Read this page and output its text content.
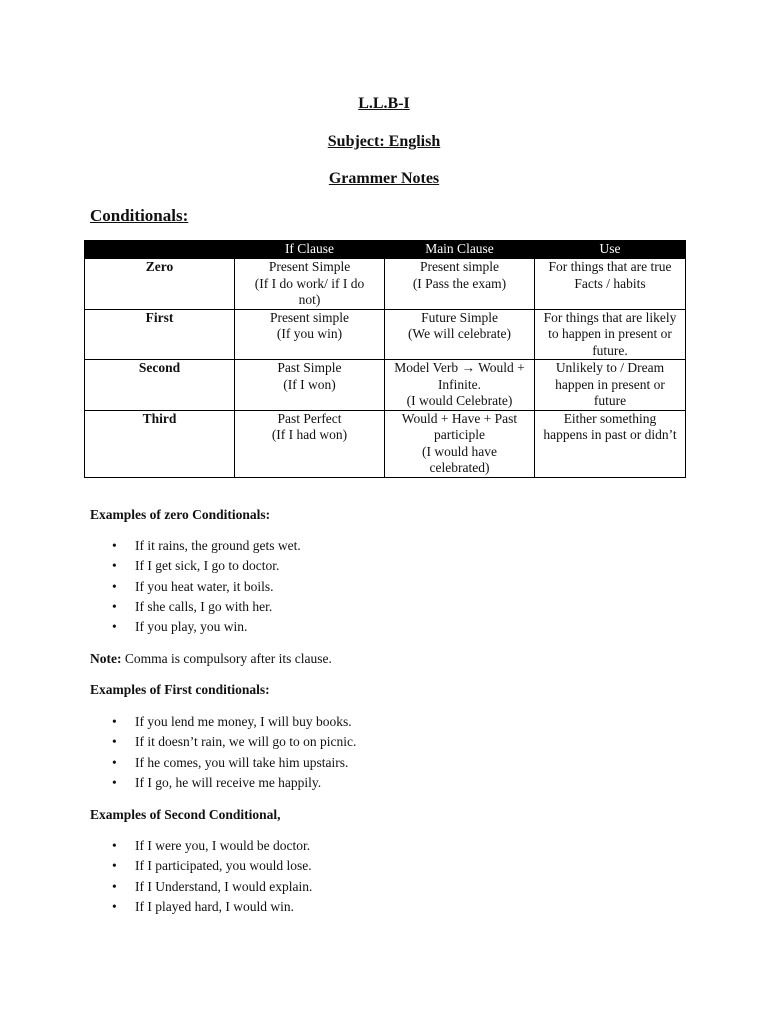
L.L.B-I
Subject: English
Grammer Notes
Conditionals:
	If Clause	Main Clause	Use
Zero	Present Simple
(If I do work/ if I do
not)	Present simple
(I Pass the exam)	For things that are true
Facts / habits

First	Present simple
(If you win)	Future Simple
(We will celebrate)	For things that are likely
to happen in present or
future.

Second	Past Simple
(If I won)	Model Verb → Would +
Infinite.
(I would Celebrate)	Unlikely to / Dream
happen in present or
future

Third	Past Perfect
(If I had won)	Would + Have + Past
participle
(I would have
celebrated)	Either something
happens in past or didn’t
Examples of zero Conditionals:
• If it rains, the ground gets wet.
• If I get sick, I go to doctor.
• If you heat water, it boils.
• If she calls, I go with her.
• If you play, you win.
Note: Comma is compulsory after its clause.
Examples of First conditionals:
• If you lend me money, I will buy books.
• If it doesn’t rain, we will go to on picnic.
• If he comes, you will take him upstairs.
• If I go, he will receive me happily.
Examples of Second Conditional,
• If I were you, I would be doctor.
• If I participated, you would lose.
• If I Understand, I would explain.
• If I played hard, I would win.
